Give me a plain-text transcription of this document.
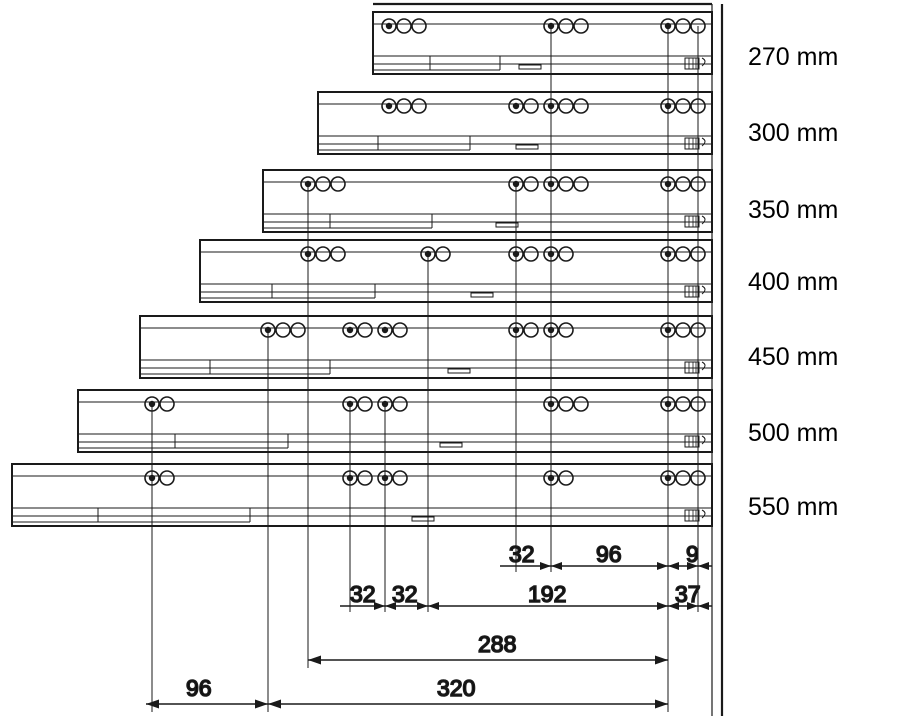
32	96	9
32 32	192	37
288
96	320
270 mm
300 mm
350 mm
400 mm
450 mm
500 mm
550 mm
